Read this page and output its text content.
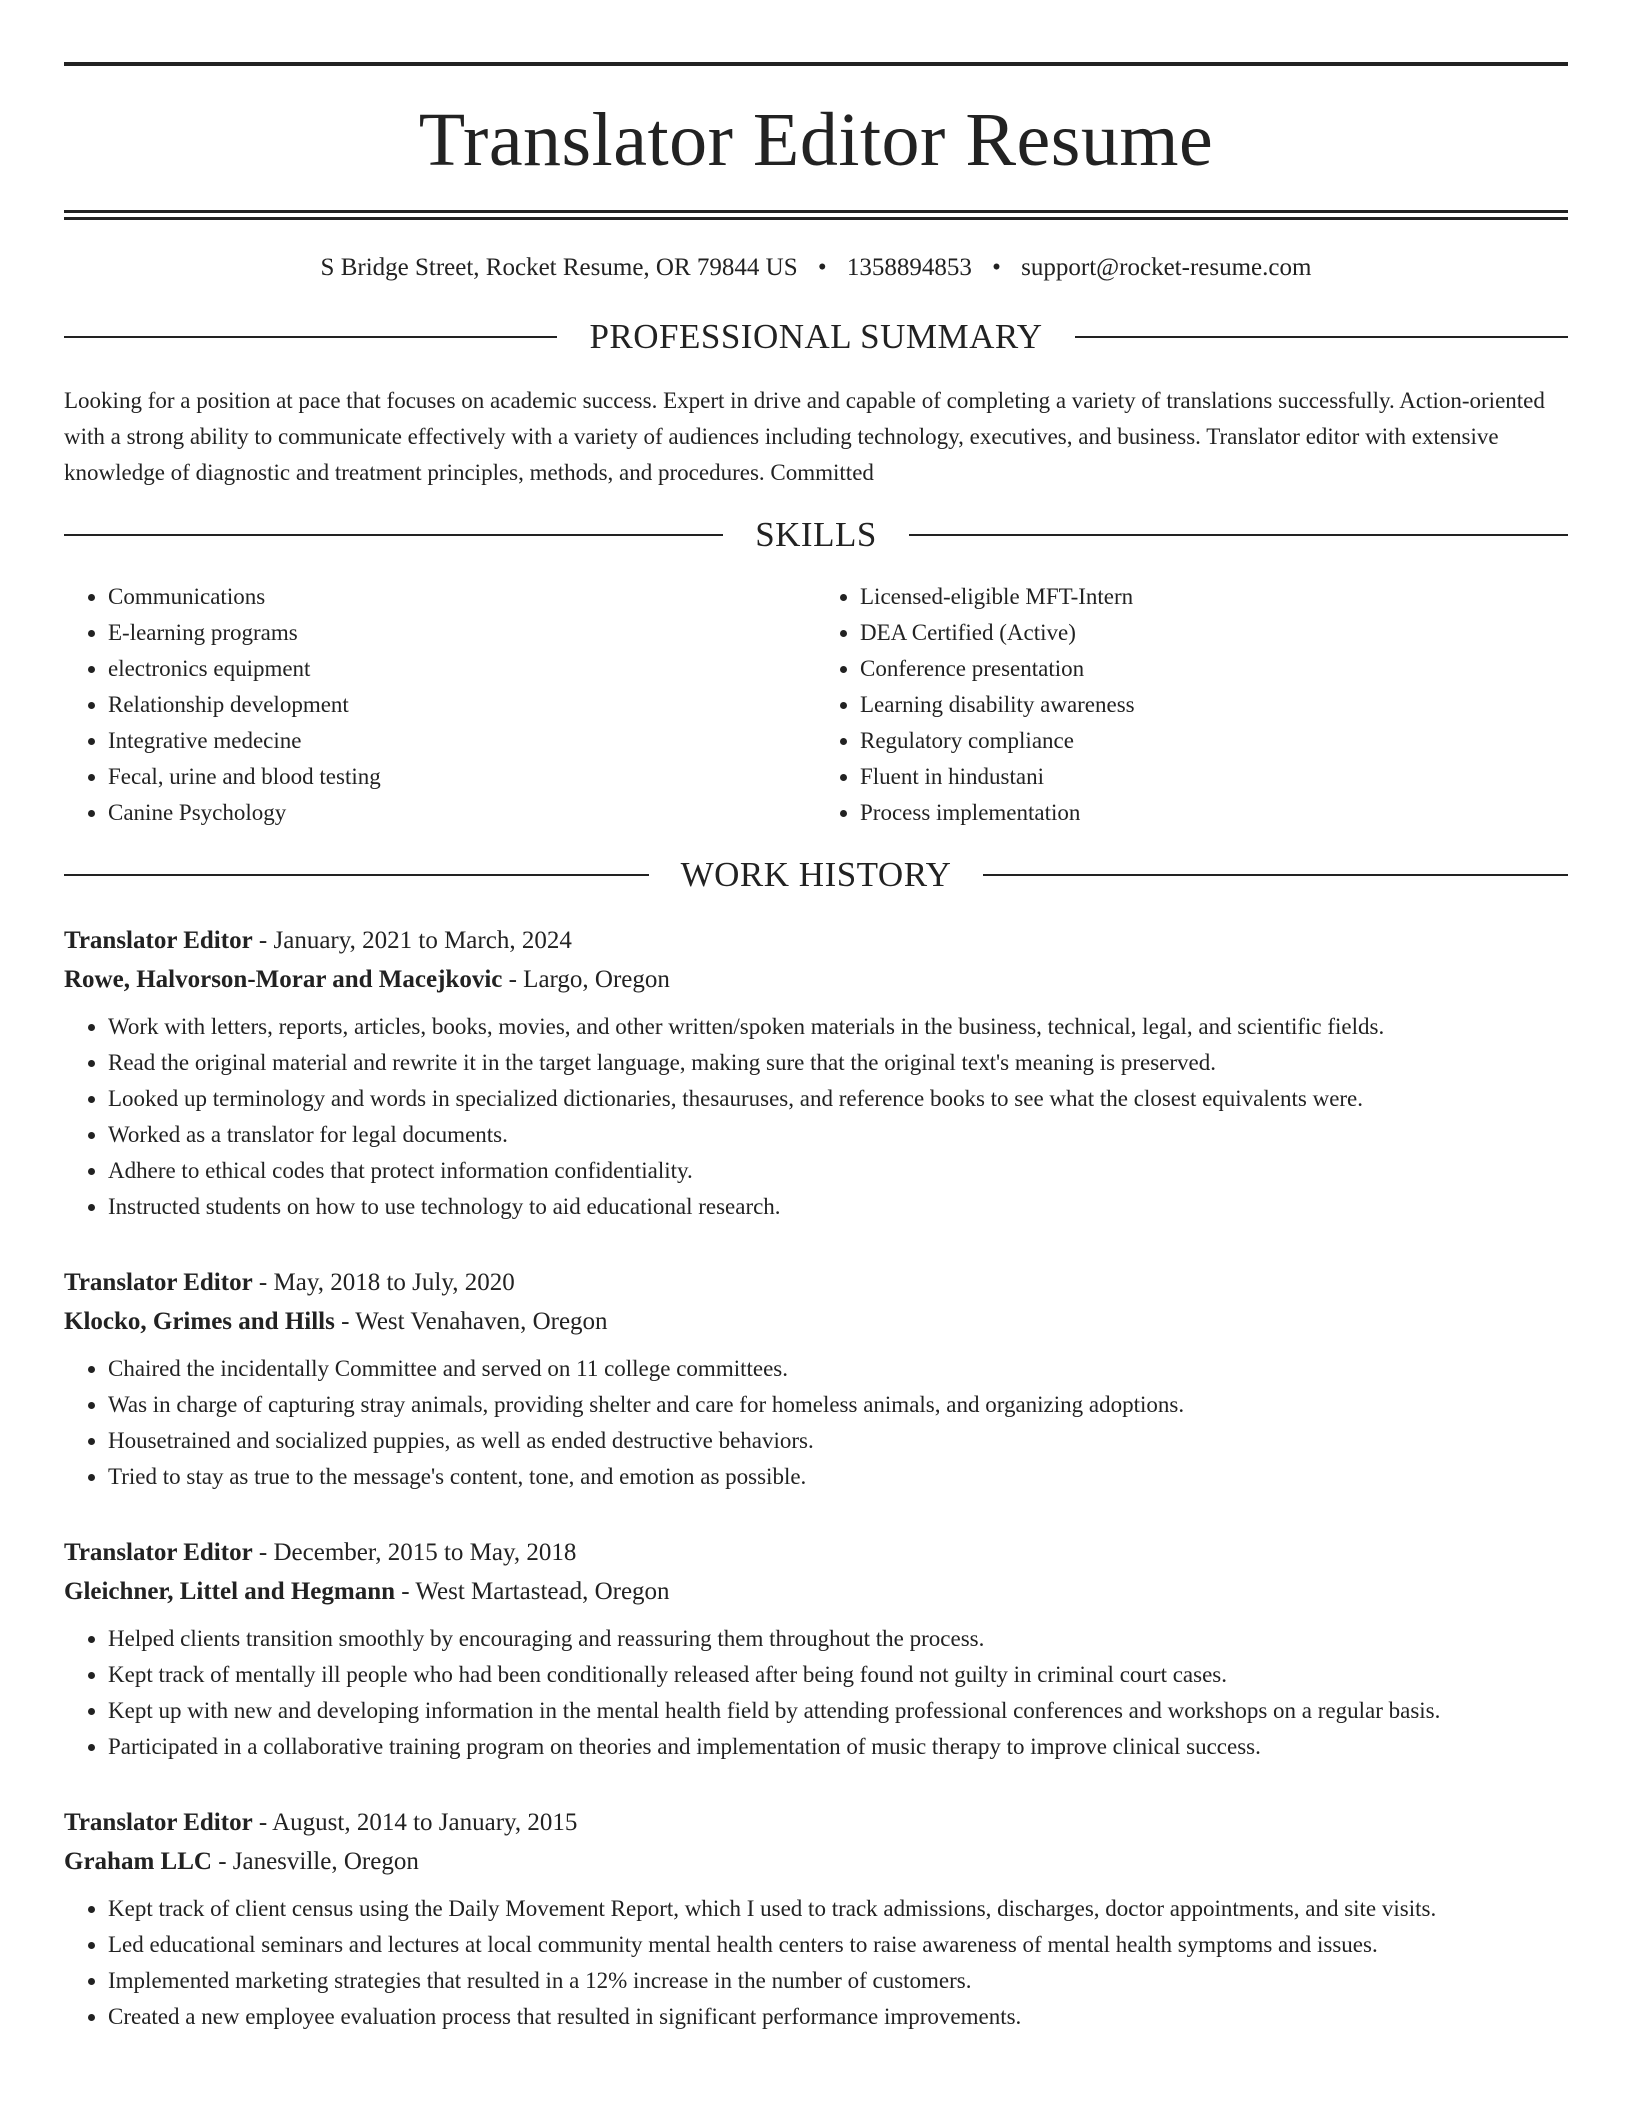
Translator Editor Resume
S Bridge Street, Rocket Resume, OR 79844 US • 1358894853 • support@rocket-resume.com
PROFESSIONAL SUMMARY
Looking for a position at pace that focuses on academic success. Expert in drive and capable of completing a variety of translations successfully. Action-oriented with a strong ability to communicate effectively with a variety of audiences including technology, executives, and business. Translator editor with extensive knowledge of diagnostic and treatment principles, methods, and procedures. Committed
SKILLS
• Communications
• E-learning programs
• electronics equipment
• Relationship development
• Integrative medecine
• Fecal, urine and blood testing
• Canine Psychology
• Licensed-eligible MFT-Intern
• DEA Certified (Active)
• Conference presentation
• Learning disability awareness
• Regulatory compliance
• Fluent in hindustani
• Process implementation
WORK HISTORY
Translator Editor - January, 2021 to March, 2024
Rowe, Halvorson-Morar and Macejkovic - Largo, Oregon
• Work with letters, reports, articles, books, movies, and other written/spoken materials in the business, technical, legal, and scientific fields.
• Read the original material and rewrite it in the target language, making sure that the original text's meaning is preserved.
• Looked up terminology and words in specialized dictionaries, thesauruses, and reference books to see what the closest equivalents were.
• Worked as a translator for legal documents.
• Adhere to ethical codes that protect information confidentiality.
• Instructed students on how to use technology to aid educational research.
Translator Editor - May, 2018 to July, 2020
Klocko, Grimes and Hills - West Venahaven, Oregon
• Chaired the incidentally Committee and served on 11 college committees.
• Was in charge of capturing stray animals, providing shelter and care for homeless animals, and organizing adoptions.
• Housetrained and socialized puppies, as well as ended destructive behaviors.
• Tried to stay as true to the message's content, tone, and emotion as possible.
Translator Editor - December, 2015 to May, 2018
Gleichner, Littel and Hegmann - West Martastead, Oregon
• Helped clients transition smoothly by encouraging and reassuring them throughout the process.
• Kept track of mentally ill people who had been conditionally released after being found not guilty in criminal court cases.
• Kept up with new and developing information in the mental health field by attending professional conferences and workshops on a regular basis.
• Participated in a collaborative training program on theories and implementation of music therapy to improve clinical success.
Translator Editor - August, 2014 to January, 2015
Graham LLC - Janesville, Oregon
• Kept track of client census using the Daily Movement Report, which I used to track admissions, discharges, doctor appointments, and site visits.
• Led educational seminars and lectures at local community mental health centers to raise awareness of mental health symptoms and issues.
• Implemented marketing strategies that resulted in a 12% increase in the number of customers.
• Created a new employee evaluation process that resulted in significant performance improvements.
